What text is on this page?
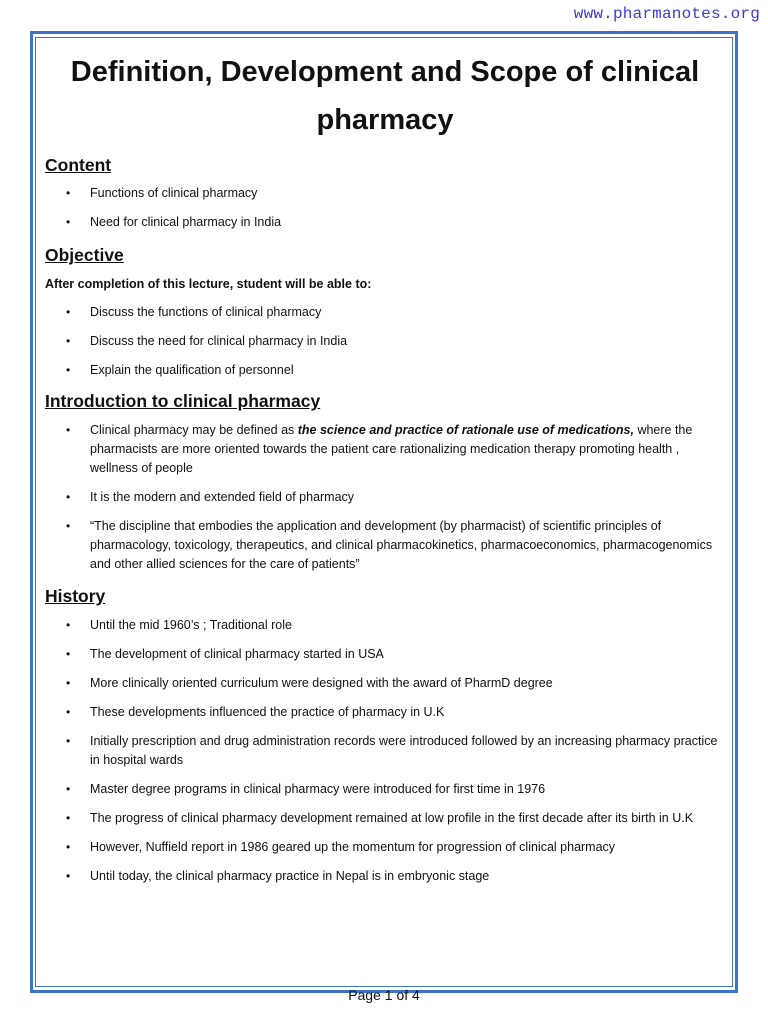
www.pharmanotes.org
Definition, Development and Scope of clinical pharmacy
Content
• Functions of clinical pharmacy
• Need for clinical pharmacy in India
Objective

After completion of this lecture, student will be able to:

• Discuss the functions of clinical pharmacy
• Discuss the need for clinical pharmacy in India
• Explain the qualification of personnel
Introduction to clinical pharmacy
• Clinical pharmacy may be defined as the science and practice of rationale use of medications, where the pharmacists are more oriented towards the patient care rationalizing medication therapy promoting health , wellness of people
• It is the modern and extended field of pharmacy
• “The discipline that embodies the application and development (by pharmacist) of scientific principles of pharmacology, toxicology, therapeutics, and clinical pharmacokinetics, pharmacoeconomics, pharmacogenomics and other allied sciences for the care of patients”
History
• Until the mid 1960’s ; Traditional role
• The development of clinical pharmacy started in USA
• More clinically oriented curriculum were designed with the award of PharmD degree
• These developments influenced the practice of pharmacy in U.K
• Initially prescription and drug administration records were introduced followed by an increasing pharmacy practice in hospital wards
• Master degree programs in clinical pharmacy were introduced for first time in 1976
• The progress of clinical pharmacy development remained at low profile in the first decade after its birth in U.K
• However, Nuffield report in 1986 geared up the momentum for progression of clinical pharmacy
• Until today, the clinical pharmacy practice in Nepal is in embryonic stage
Page 1 of 4
